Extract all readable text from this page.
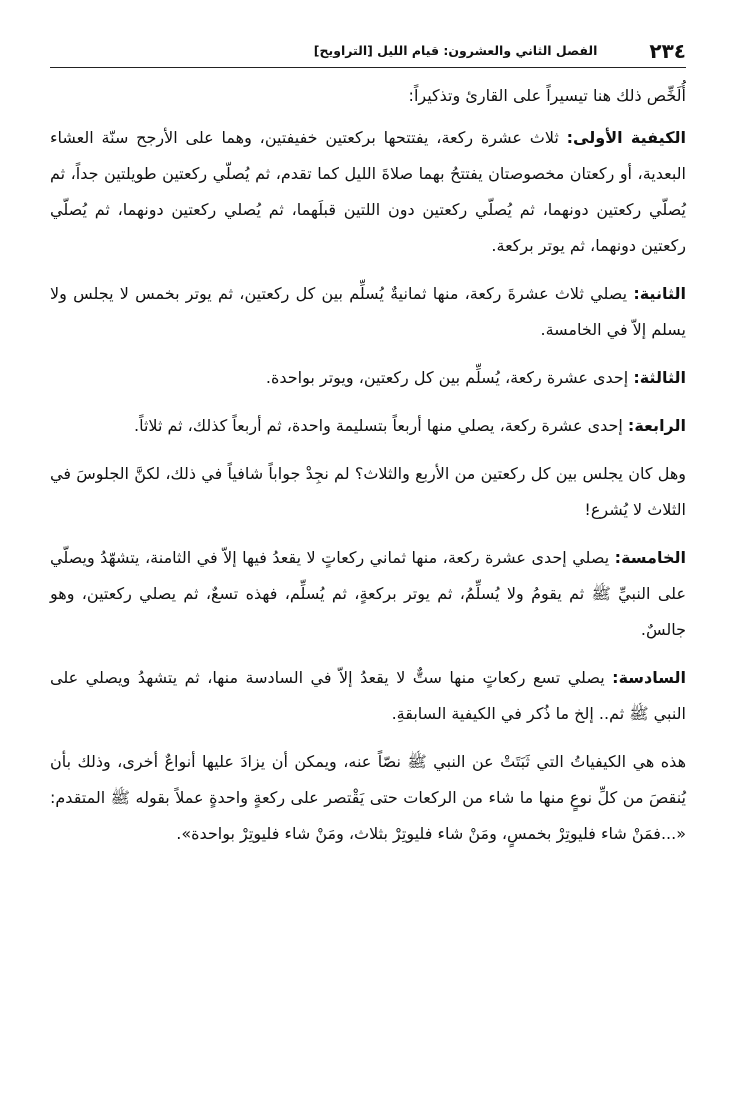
٢٣٤
الفصل الثاني والعشرون: قيام الليل [التراويح]

أُلَخِّص ذلك هنا تيسيراً على القارئ وتذكيراً:

الكيفية الأولى: ثلاث عشرة ركعة، يفتتحها بركعتين خفيفتين، وهما على الأرجح سنّة العشاء البعدية، أو ركعتان مخصوصتان يفتتحُ بهما صلاةَ الليل كما تقدم، ثم يُصلّي ركعتين طويلتين جداً، ثم يُصلّي ركعتين دونهما، ثم يُصلّي ركعتين دون اللتين قبلَهما، ثم يُصلي ركعتين دونهما، ثم يُصلّي ركعتين دونهما، ثم يوتر بركعة.

الثانية: يصلي ثلاث عشرةَ ركعة، منها ثمانيةٌ يُسلِّم بين كل ركعتين، ثم يوتر بخمس لا يجلس ولا يسلم إلاّ في الخامسة.

الثالثة: إحدى عشرة ركعة، يُسلِّم بين كل ركعتين، ويوتر بواحدة.

الرابعة: إحدى عشرة ركعة، يصلي منها أربعاً بتسليمة واحدة، ثم أربعاً كذلك، ثم ثلاثاً.

وهل كان يجلس بين كل ركعتين من الأربع والثلاث؟ لم نجِدْ جواباً شافياً في ذلك، لكنَّ الجلوسَ في الثلاث لا يُشرع!

الخامسة: يصلي إحدى عشرة ركعة، منها ثماني ركعاتٍ لا يقعدُ فيها إلاّ في الثامنة، يتشهّدُ ويصلّي على النبيِّ ﷺ ثم يقومُ ولا يُسلِّمُ، ثم يوتر بركعةٍ، ثم يُسلِّم، فهذه تسعٌ، ثم يصلي ركعتين، وهو جالسٌ.

السادسة: يصلي تسع ركعاتٍ منها ستٌّ لا يقعدُ إلاّ في السادسة منها، ثم يتشهدُ ويصلي على النبي ﷺ ثم.. إلخ ما ذُكر في الكيفية السابقةِ.

هذه هي الكيفياتُ التي ثَبَتَتْ عن النبي ﷺ نصّاً عنه، ويمكن أن يزادَ عليها أنواعٌ أخرى، وذلك بأن يُنقصَ من كلِّ نوعٍ منها ما شاء من الركعات حتى يَقْتصر على ركعةٍ واحدةٍ عملاً بقوله ﷺ المتقدم: «...فمَنْ شاء فليوتِرْ بخمسٍ، ومَنْ شاء فليوتِرْ بثلاث، ومَنْ شاء فليوتِرْ بواحدة».
